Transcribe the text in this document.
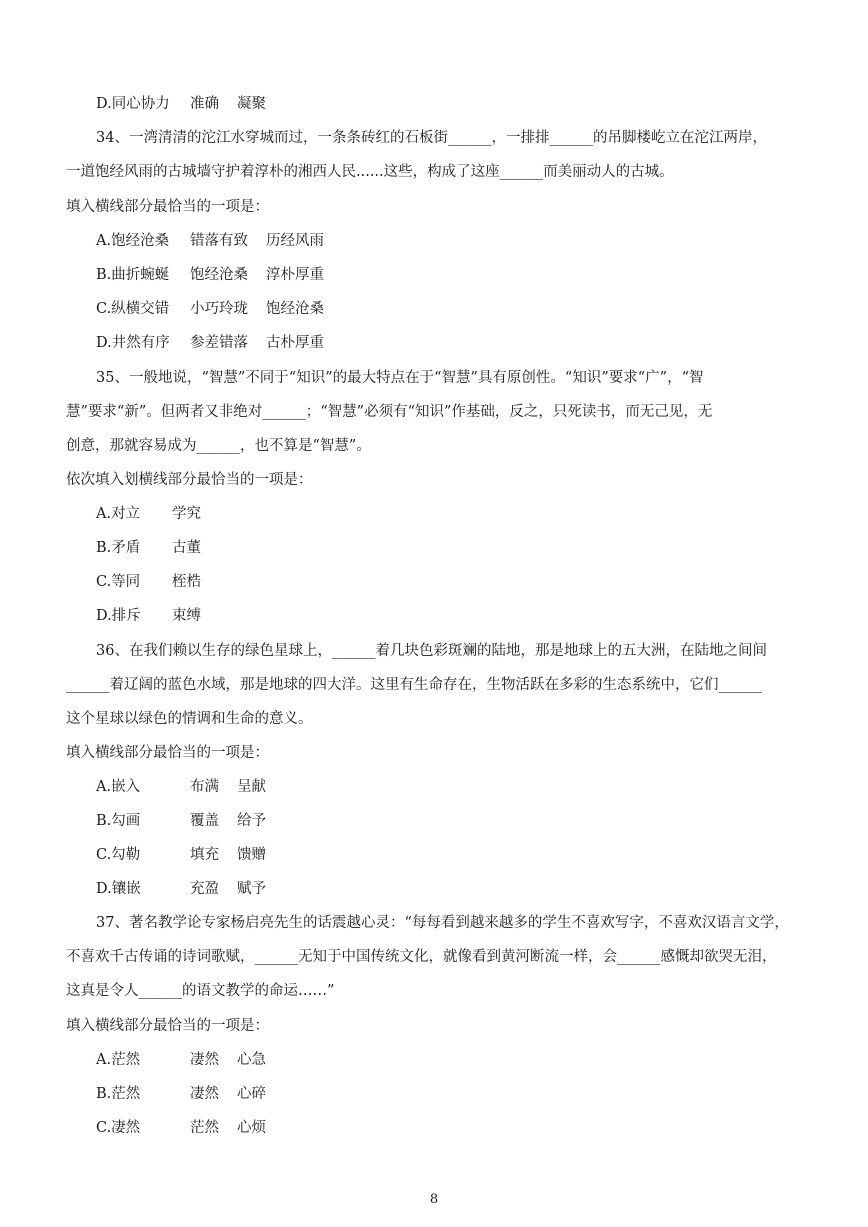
D.同心协力 准确 凝聚
34、一湾清清的沱江水穿城而过，一条条砖红的石板街______，一排排______的吊脚楼屹立在沱江两岸，
一道饱经风雨的古城墙守护着淳朴的湘西人民......这些，构成了这座______而美丽动人的古城。
填入横线部分最恰当的一项是：
A.饱经沧桑 错落有致 历经风雨
B.曲折蜿蜒 饱经沧桑 淳朴厚重
C.纵横交错 小巧玲珑 饱经沧桑
D.井然有序 参差错落 古朴厚重
35、一般地说，“智慧”不同于“知识”的最大特点在于“智慧”具有原创性。“知识”要求“广”，“智
慧”要求“新”。但两者又非绝对______；“智慧”必须有“知识”作基础，反之，只死读书，而无己见，无
创意，那就容易成为______，也不算是“智慧”。
依次填入划横线部分最恰当的一项是：
A.对立 学究
B.矛盾 古董
C.等同 桎梏
D.排斥 束缚
36、在我们赖以生存的绿色星球上，______着几块色彩斑斓的陆地，那是地球上的五大洲，在陆地之间间
______着辽阔的蓝色水域，那是地球的四大洋。这里有生命存在，生物活跃在多彩的生态系统中，它们______
这个星球以绿色的情调和生命的意义。
填入横线部分最恰当的一项是：
A.嵌入	布满 呈献
B.勾画	覆盖 给予
C.勾勒	填充 馈赠
D.镶嵌	充盈 赋予
37、著名教学论专家杨启亮先生的话震越心灵：“每每看到越来越多的学生不喜欢写字，不喜欢汉语言文学，
不喜欢千古传诵的诗词歌赋，______无知于中国传统文化，就像看到黄河断流一样，会______感慨却欲哭无泪，
这真是令人______的语文教学的命运……”
填入横线部分最恰当的一项是：
A.茫然	凄然 心急
B.茫然	凄然 心碎
C.凄然	茫然 心烦
8
